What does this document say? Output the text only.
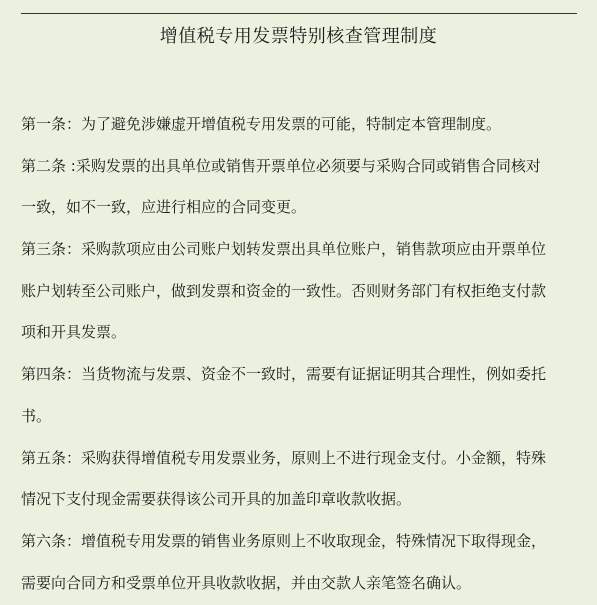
增值税专用发票特别核查管理制度
第一条：为了避免涉嫌虚开增值税专用发票的可能，特制定本管理制度。
第二条 :采购发票的出具单位或销售开票单位必须要与采购合同或销售合同核对
一致，如不一致，应进行相应的合同变更。
第三条：采购款项应由公司账户划转发票出具单位账户，销售款项应由开票单位
账户划转至公司账户，做到发票和资金的一致性。否则财务部门有权拒绝支付款
项和开具发票。
第四条：当货物流与发票、资金不一致时，需要有证据证明其合理性，例如委托
书。
第五条：采购获得增值税专用发票业务，原则上不进行现金支付。小金额，特殊
情况下支付现金需要获得该公司开具的加盖印章收款收据。
第六条：增值税专用发票的销售业务原则上不收取现金，特殊情况下取得现金，
需要向合同方和受票单位开具收款收据，并由交款人亲笔签名确认。
